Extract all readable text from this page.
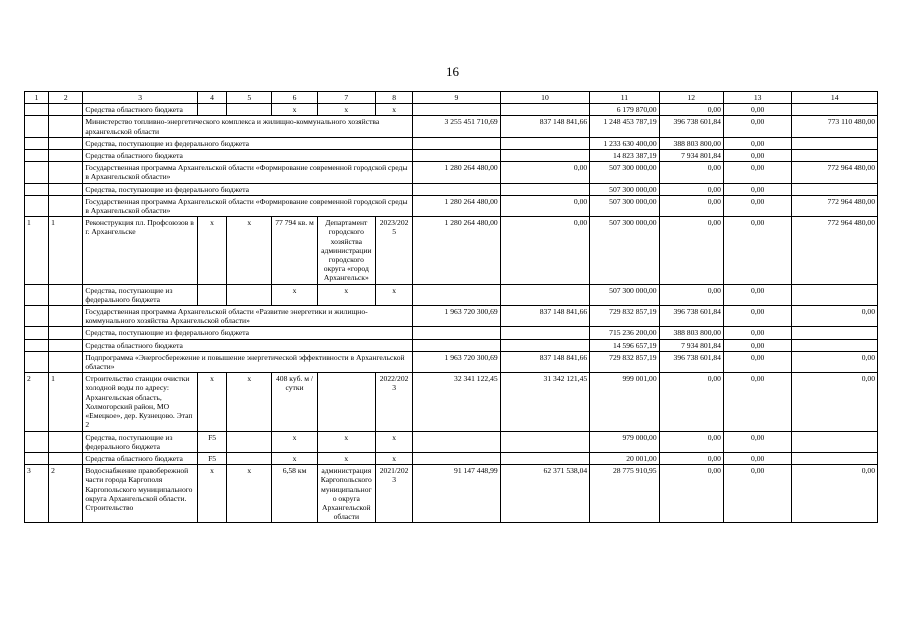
16
1	2	3	4	5	6	7	8	9	10	11	12	13	14
		Средства областного бюджета			х	х	х			6 179 870,00	0,00	0,00	
		Министерство топливно-энергетического комплекса и жилищно-коммунального хозяйства архангельской области						3 255 451 710,69	837 148 841,66	1 248 453 787,19	396 738 601,84	0,00	773 110 480,00
		Средства, поступающие из федерального бюджета								1 233 630 400,00	388 803 800,00	0,00	
		Средства областного бюджета								14 823 387,19	7 934 801,84	0,00	
		Государственная программа Архангельской области «Формирование современной городской среды в Архангельской области»						1 280 264 480,00	0,00	507 300 000,00	0,00	0,00	772 964 480,00
		Средства, поступающие из федерального бюджета								507 300 000,00	0,00	0,00	
		Государственная программа Архангельской области «Формирование современной городской среды в Архангельской области»						1 280 264 480,00	0,00	507 300 000,00	0,00	0,00	772 964 480,00
1	1	Реконструкция пл. Профсоюзов в г. Архангельске	х	х	77 794 кв. м	Департамент городского хозяйства администрации городского округа «город Архангельск»	2023/2025	1 280 264 480,00	0,00	507 300 000,00	0,00	0,00	772 964 480,00
		Средства, поступающие из федерального бюджета			х	х	х			507 300 000,00	0,00	0,00	
		Государственная программа Архангельской области «Развитие энергетики и жилищно-коммунального хозяйства Архангельской области»						1 963 720 300,69	837 148 841,66	729 832 857,19	396 738 601,84	0,00	0,00
		Средства, поступающие из федерального бюджета								715 236 200,00	388 803 800,00	0,00	
		Средства областного бюджета								14 596 657,19	7 934 801,84	0,00	
		Подпрограмма «Энергосбережение и повышение энергетической эффективности в Архангельской области»						1 963 720 300,69	837 148 841,66	729 832 857,19	396 738 601,84	0,00	0,00
2	1	Строительство станции очистки холодной воды по адресу: Архангельская область, Холмогорский район, МО «Емецкое», дер. Кузнецово. Этап 2	х	х	408 куб. м / сутки		2022/2023	32 341 122,45	31 342 121,45	999 001,00	0,00	0,00	0,00
		Средства, поступающие из федерального бюджета	F5		х	х	х			979 000,00	0,00	0,00	
		Средства областного бюджета	F5		х	х	х			20 001,00	0,00	0,00	
3	2	Водоснабжение правобережной части города Каргополя Каргопольского муниципального округа Архангельской области. Строительство	х	х	6,58 км	администрация Каргопольского муниципального округа Архангельской области	2021/2023	91 147 448,99	62 371 538,04	28 775 910,95	0,00	0,00	0,00
